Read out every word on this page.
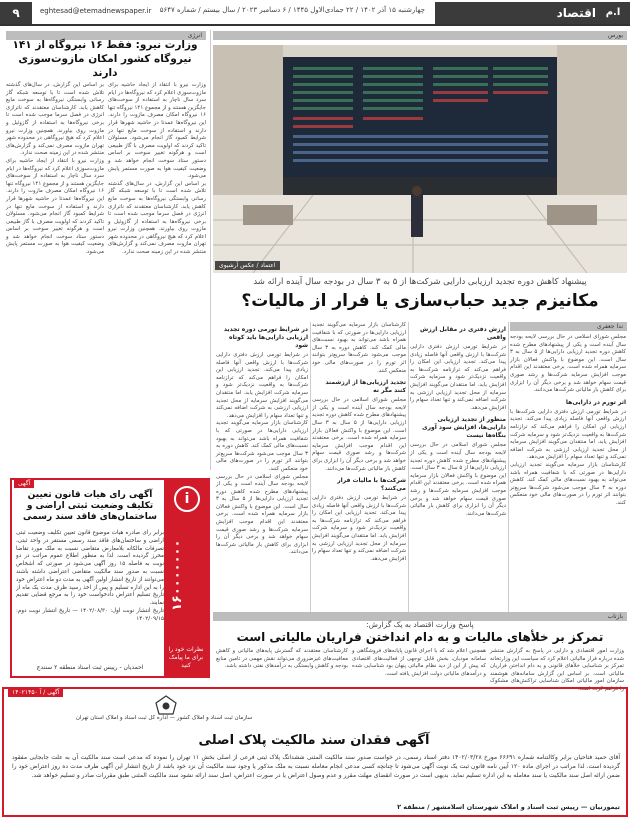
ا.م
اقتصاد
چهارشنبه ۱۵ آذر ۱۴۰۲ / ۲۲ جمادی‌الاول ۱۴۴۵ / ۶ دسامبر ۲۰۲۳ / سال بیستم / شماره ۵۶۴۷
eghtesad@etemadnewspaper.ir
۹
انرژی
وزارت نیرو: فقط ۱۶ نیروگاه از ۱۴۱ نیروگاه کشور امکان مازوت‌سوزی دارند

وزارت نیرو با انتقاد از ایجاد حاشیه برای مازوت‌سوزی اعلام کرد که نیروگاه‌ها در ایام سرد سال ناچار به استفاده از سوخت‌های جایگزین هستند و از مجموع ۱۴۱ نیروگاه تنها ۱۶ نیروگاه امکان مصرف مازوت را دارند. این نیروگاه‌ها عمدتا در حاشیه شهرها قرار دارند و استفاده از سوخت مایع تنها در شرایط کمبود گاز انجام می‌شود. مسئولان تاکید کردند که اولویت مصرف با گاز طبیعی است و هرگونه تغییر سوخت بر اساس دستور ستاد سوخت انجام خواهد شد و وضعیت کیفیت هوا به صورت مستمر پایش می‌شود.

بر اساس این گزارش، در سال‌های گذشته تلاش شده است تا با توسعه شبکه گاز رسانی وابستگی نیروگاه‌ها به سوخت مایع کاهش یابد. کارشناسان معتقدند که ناترازی انرژی در فصل سرما موجب شده است تا برخی نیروگاه‌ها به استفاده از گازوئیل و مازوت روی بیاورند. همچنین وزارت نیرو اعلام کرد که هیچ نیروگاهی در محدوده شهر تهران مازوت مصرف نمی‌کند و گزارش‌های منتشر شده در این زمینه صحت ندارد.

بر اساس این گزارش، در سال‌های گذشته تلاش شده است تا با توسعه شبکه گاز رسانی وابستگی نیروگاه‌ها به سوخت مایع کاهش یابد. کارشناسان معتقدند که ناترازی انرژی در فصل سرما موجب شده است تا برخی نیروگاه‌ها به استفاده از گازوئیل و مازوت روی بیاورند. همچنین وزارت نیرو اعلام کرد که هیچ نیروگاهی در محدوده شهر تهران مازوت مصرف نمی‌کند و گزارش‌های منتشر شده در این زمینه صحت ندارد.

وزارت نیرو با انتقاد از ایجاد حاشیه برای مازوت‌سوزی اعلام کرد که نیروگاه‌ها در ایام سرد سال ناچار به استفاده از سوخت‌های جایگزین هستند و از مجموع ۱۴۱ نیروگاه تنها ۱۶ نیروگاه امکان مصرف مازوت را دارند. این نیروگاه‌ها عمدتا در حاشیه شهرها قرار دارند و استفاده از سوخت مایع تنها در شرایط کمبود گاز انجام می‌شود. مسئولان تاکید کردند که اولویت مصرف با گاز طبیعی است و هرگونه تغییر سوخت بر اساس دستور ستاد سوخت انجام خواهد شد و وضعیت کیفیت هوا به صورت مستمر پایش می‌شود.

بورس
اعتماد / عکس آرشیوی
پیشنهاد کاهش دوره تجدید ارزیابی دارایی شرکت‌ها از ۵ به ۳ سال در بودجه سال آینده ارائه شد
مکانیزم جدید حباب‌سازی یا فرار از مالیات؟
ندا جعفری

مجلس شورای اسلامی در حال بررسی لایحه بودجه سال آینده است و یکی از پیشنهادهای مطرح شده کاهش دوره تجدید ارزیابی دارایی‌ها از ۵ سال به ۳ سال است. این موضوع با واکنش فعالان بازار سرمایه همراه شده است. برخی معتقدند این اقدام موجب افزایش سرمایه شرکت‌ها و رشد صوری قیمت سهام خواهد شد و برخی دیگر آن را ابزاری برای کاهش بار مالیاتی شرکت‌ها می‌دانند.

اثر تورم در دارایی‌ها

در شرایط تورمی ارزش دفتری دارایی شرکت‌ها با ارزش واقعی آنها فاصله زیادی پیدا می‌کند. تجدید ارزیابی این امکان را فراهم می‌کند که ترازنامه شرکت‌ها به واقعیت نزدیک‌تر شود و سرمایه شرکت افزایش یابد. اما منتقدان می‌گویند افزایش سرمایه از محل تجدید ارزیابی ارزشی به شرکت اضافه نمی‌کند و تنها تعداد سهام را افزایش می‌دهد.

کارشناسان بازار سرمایه می‌گویند تجدید ارزیابی دارایی‌ها در صورتی که با شفافیت همراه باشد می‌تواند به بهبود نسبت‌های مالی کمک کند. کاهش دوره به ۳ سال موجب می‌شود شرکت‌ها سریع‌تر بتوانند اثر تورم را در صورت‌های مالی خود منعکس کنند.

ارزش دفتری در مقابل ارزش واقعی

در شرایط تورمی ارزش دفتری دارایی شرکت‌ها با ارزش واقعی آنها فاصله زیادی پیدا می‌کند. تجدید ارزیابی این امکان را فراهم می‌کند که ترازنامه شرکت‌ها به واقعیت نزدیک‌تر شود و سرمایه شرکت افزایش یابد. اما منتقدان می‌گویند افزایش سرمایه از محل تجدید ارزیابی ارزشی به شرکت اضافه نمی‌کند و تنها تعداد سهام را افزایش می‌دهد.

منظور از تجدید ارزیابی دارایی‌ها، افزایش سود آوری بنگاه‌ها نیست

مجلس شورای اسلامی در حال بررسی لایحه بودجه سال آینده است و یکی از پیشنهادهای مطرح شده کاهش دوره تجدید ارزیابی دارایی‌ها از ۵ سال به ۳ سال است. این موضوع با واکنش فعالان بازار سرمایه همراه شده است. برخی معتقدند این اقدام موجب افزایش سرمایه شرکت‌ها و رشد صوری قیمت سهام خواهد شد و برخی دیگر آن را ابزاری برای کاهش بار مالیاتی شرکت‌ها می‌دانند.

کارشناسان بازار سرمایه می‌گویند تجدید ارزیابی دارایی‌ها در صورتی که با شفافیت همراه باشد می‌تواند به بهبود نسبت‌های مالی کمک کند. کاهش دوره به ۳ سال موجب می‌شود شرکت‌ها سریع‌تر بتوانند اثر تورم را در صورت‌های مالی خود منعکس کنند.

تجدید ارزیابی‌ها از ارزشمند کنند مگر نه

مجلس شورای اسلامی در حال بررسی لایحه بودجه سال آینده است و یکی از پیشنهادهای مطرح شده کاهش دوره تجدید ارزیابی دارایی‌ها از ۵ سال به ۳ سال است. این موضوع با واکنش فعالان بازار سرمایه همراه شده است. برخی معتقدند این اقدام موجب افزایش سرمایه شرکت‌ها و رشد صوری قیمت سهام خواهد شد و برخی دیگر آن را ابزاری برای کاهش بار مالیاتی شرکت‌ها می‌دانند.

شرکت‌ها با مالیات فرار می‌کنند؟

در شرایط تورمی ارزش دفتری دارایی شرکت‌ها با ارزش واقعی آنها فاصله زیادی پیدا می‌کند. تجدید ارزیابی این امکان را فراهم می‌کند که ترازنامه شرکت‌ها به واقعیت نزدیک‌تر شود و سرمایه شرکت افزایش یابد. اما منتقدان می‌گویند افزایش سرمایه از محل تجدید ارزیابی ارزشی به شرکت اضافه نمی‌کند و تنها تعداد سهام را افزایش می‌دهد.

در شرایط تورمی دوره تجدید ارزیابی دارایی‌ها باید کوتاه شود

در شرایط تورمی ارزش دفتری دارایی شرکت‌ها با ارزش واقعی آنها فاصله زیادی پیدا می‌کند. تجدید ارزیابی این امکان را فراهم می‌کند که ترازنامه شرکت‌ها به واقعیت نزدیک‌تر شود و سرمایه شرکت افزایش یابد. اما منتقدان می‌گویند افزایش سرمایه از محل تجدید ارزیابی ارزشی به شرکت اضافه نمی‌کند و تنها تعداد سهام را افزایش می‌دهد.

کارشناسان بازار سرمایه می‌گویند تجدید ارزیابی دارایی‌ها در صورتی که با شفافیت همراه باشد می‌تواند به بهبود نسبت‌های مالی کمک کند. کاهش دوره به ۳ سال موجب می‌شود شرکت‌ها سریع‌تر بتوانند اثر تورم را در صورت‌های مالی خود منعکس کنند.

مجلس شورای اسلامی در حال بررسی لایحه بودجه سال آینده است و یکی از پیشنهادهای مطرح شده کاهش دوره تجدید ارزیابی دارایی‌ها از ۵ سال به ۳ سال است. این موضوع با واکنش فعالان بازار سرمایه همراه شده است. برخی معتقدند این اقدام موجب افزایش سرمایه شرکت‌ها و رشد صوری قیمت سهام خواهد شد و برخی دیگر آن را ابزاری برای کاهش بار مالیاتی شرکت‌ها می‌دانند.

آگهی
i
۱۶۰۰۰۰۰۰۰
نظرات خود را برای ما پیامک کنید
آگهی رای هیات قانون تعیین تکلیف وضعیت ثبتی اراضی و ساختمان‌های فاقد سند رسمی
برابر رای صادره هیات موضوع قانون تعیین تکلیف وضعیت ثبتی اراضی و ساختمان‌های فاقد سند رسمی مستقر در واحد ثبتی، تصرفات مالکانه بلامعارض متقاضی نسبت به ملک مورد تقاضا محرز گردیده است. لذا به منظور اطلاع عموم مراتب در دو نوبت به فاصله ۱۵ روز آگهی می‌شود در صورتی که اشخاص نسبت به صدور سند مالکیت متقاضی اعتراضی داشته باشند می‌توانند از تاریخ انتشار اولین آگهی به مدت دو ماه اعتراض خود را به این اداره تسلیم و پس از اخذ رسید ظرف مدت یک ماه از تاریخ تسلیم اعتراض دادخواست خود را به مرجع قضایی تقدیم نمایند.
تاریخ انتشار نوبت اول: ۱۴۰۲/۰۸/۳۰ — تاریخ انتشار نوبت دوم: ۱۴۰۲/۰۹/۱۵
احمدیان - رییس ثبت اسناد منطقه ۲ سنندج
بازتاب
پاسخ وزارت اقتصاد به یک گزارش:
تمرکز بر خلأهای مالیات و به دام انداختن فراریان مالیاتی است

وزارت امور اقتصادی و دارایی در پاسخ به گزارش منتشر شده درباره فرار مالیاتی اعلام کرد که سیاست این وزارتخانه تمرکز بر شناسایی خلأهای قانونی و به دام انداختن فراریان مالیاتی است. بر اساس این گزارش سامانه‌های هوشمند سازمان امور مالیاتی امکان شناسایی تراکنش‌های مشکوک را فراهم کرده است.

همچنین اعلام شد که با اجرای قانون پایانه‌های فروشگاهی و سامانه مودیان، بخش قابل توجهی از فعالیت‌های اقتصادی که پیش از این از دید نظام مالیاتی پنهان بود شناسایی شده و درآمدهای مالیاتی دولت افزایش یافته است.

کارشناسان معتقدند که گسترش پایه‌های مالیاتی و کاهش معافیت‌های غیرضروری می‌تواند نقش مهمی در تامین منابع بودجه و کاهش وابستگی به درآمدهای نفتی داشته باشد.

آگهی / آ ۱۴۰۲۱۴۵۰
سازمان ثبت اسناد و املاک کشور — اداره کل ثبت اسناد و املاک استان تهران
آگهی فقدان سند مالکیت پلاک اصلی
آقای حمید فتاحیان برابر وکالتنامه شماره ۶۶۶۹۱ مورخ ۱۴۰۲/۰۳/۲۸ دفتر اسناد رسمی، در خواست صدور سند مالکیت المثنی ششدانگ پلاک ثبتی فرعی از اصلی بخش ۱۱ تهران را نموده که مدعی است سند مالکیت آن به علت جابجایی مفقود گردیده است. لذا مراتب در اجرای ماده ۱۲۰ آیین نامه قانون ثبت یک نوبت آگهی می‌شود تا چنانچه کسی مدعی انجام معامله نسبت به ملک مذکور یا وجود سند مالکیت آن نزد خود باشد از تاریخ انتشار این آگهی ظرف مدت ده روز اعتراض خود را ضمن ارائه اصل سند مالکیت یا سند معامله به این اداره تسلیم نماید. بدیهی است در صورت انقضای مهلت مقرر و عدم وصول اعتراض یا در صورت اعتراض، اصل سند ارائه نشود سند مالکیت المثنی طبق مقررات صادر و تسلیم خواهد شد.
تیمورنیان — رییس ثبت اسناد و املاک شهرستان اسلامشهر / منطقه ۲
